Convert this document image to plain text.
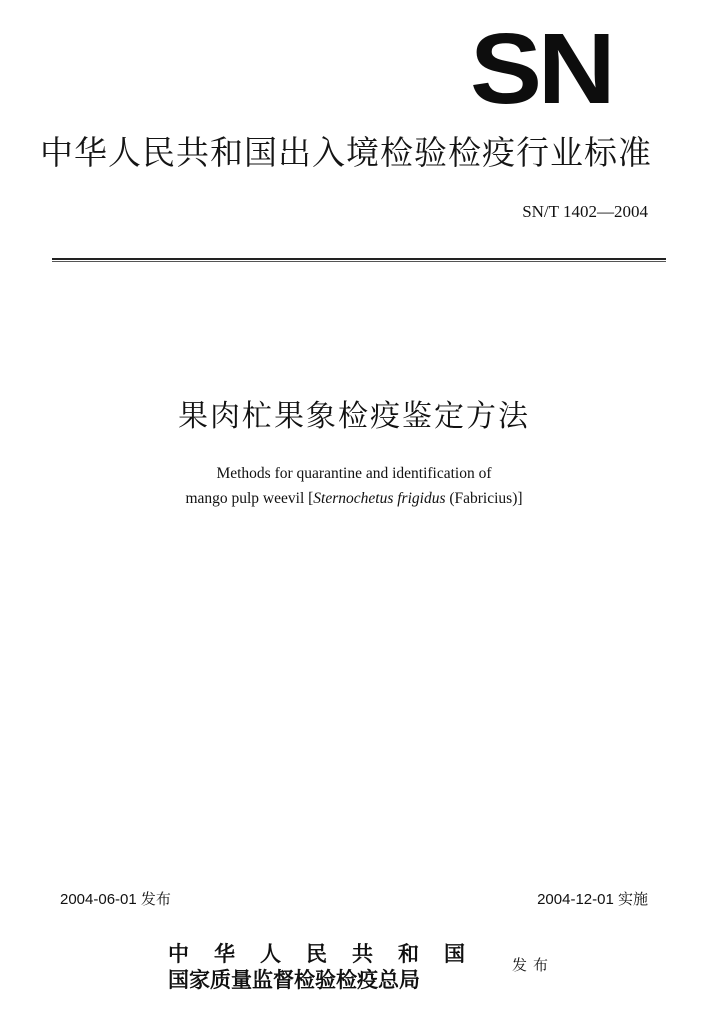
SN
中华人民共和国出入境检验检疫行业标准
SN/T 1402—2004
果肉杧果象检疫鉴定方法
Methods for quarantine and identification of
mango pulp weevil [Sternochetus frigidus (Fabricius)]
2004-06-01 发布	2004-12-01 实施
中华人民共和国
国家质量监督检验检疫总局
发布
